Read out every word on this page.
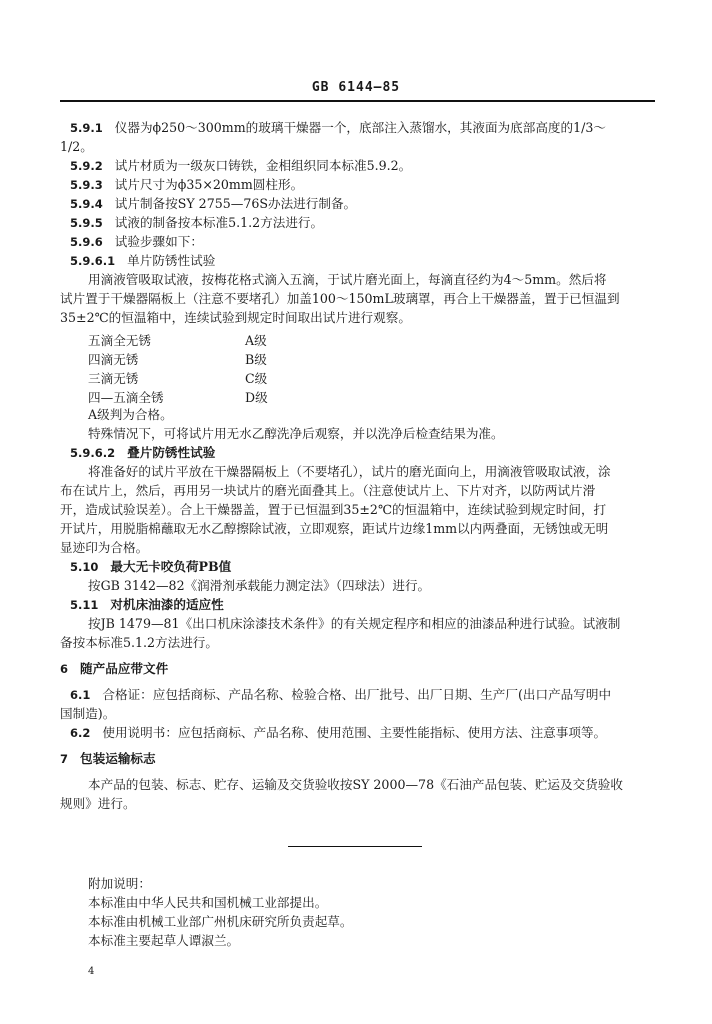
GB 6144—85
5.9.1 仪器为ϕ250～300mm的玻璃干燥器一个，底部注入蒸馏水，其液面为底部高度的1/3～
1/2。
5.9.2 试片材质为一级灰口铸铁，金相组织同本标准5.9.2。
5.9.3 试片尺寸为ϕ35×20mm圆柱形。
5.9.4 试片制备按SY 2755—76S办法进行制备。
5.9.5 试液的制备按本标准5.1.2方法进行。
5.9.6 试验步骤如下：
5.9.6.1 单片防锈性试验
用滴液管吸取试液，按梅花格式滴入五滴，于试片磨光面上，每滴直径约为4～5mm。然后将
试片置于干燥器隔板上（注意不要堵孔）加盖100～150mL玻璃罩，再合上干燥器盖，置于已恒温到
35±2℃的恒温箱中，连续试验到规定时间取出试片进行观察。
五滴全无锈	A级
四滴无锈	B级
三滴无锈	C级
四—五滴全锈	D级
A级判为合格。
特殊情况下，可将试片用无水乙醇洗净后观察，并以洗净后检查结果为准。
5.9.6.2 叠片防锈性试验
将准备好的试片平放在干燥器隔板上（不要堵孔），试片的磨光面向上，用滴液管吸取试液，涂
布在试片上，然后，再用另一块试片的磨光面叠其上。（注意使试片上、下片对齐，以防两试片滑
开，造成试验误差）。合上干燥器盖，置于已恒温到35±2℃的恒温箱中，连续试验到规定时间，打
开试片，用脱脂棉蘸取无水乙醇擦除试液，立即观察，距试片边缘1mm以内两叠面，无锈蚀或无明
显迹印为合格。
5.10 最大无卡咬负荷PB值
按GB 3142—82《润滑剂承载能力测定法》（四球法）进行。
5.11 对机床油漆的适应性
按JB 1479—81《出口机床涂漆技术条件》的有关规定程序和相应的油漆品种进行试验。试液制
备按本标准5.1.2方法进行。
6 随产品应带文件
6.1 合格证：应包括商标、产品名称、检验合格、出厂批号、出厂日期、生产厂(出口产品写明中
国制造)。
6.2 使用说明书：应包括商标、产品名称、使用范围、主要性能指标、使用方法、注意事项等。
7 包装运输标志
本产品的包装、标志、贮存、运输及交货验收按SY 2000—78《石油产品包装、贮运及交货验收
规则》进行。
附加说明：
本标准由中华人民共和国机械工业部提出。
本标准由机械工业部广州机床研究所负责起草。
本标准主要起草人谭淑兰。
4
